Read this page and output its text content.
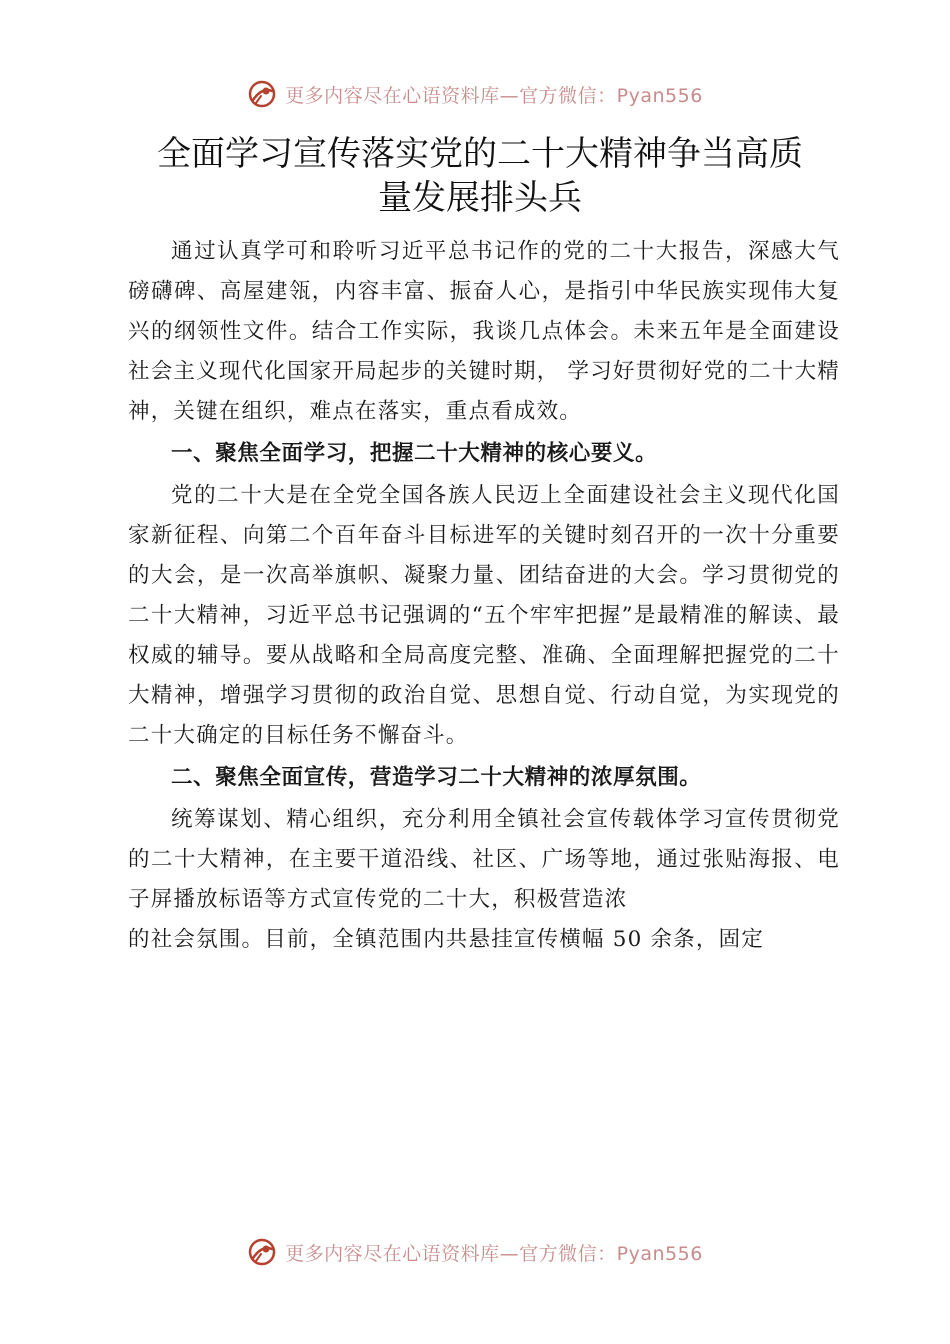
更多内容尽在心语资料库—官方微信：Pyan556
全面学习宣传落实党的二十大精神争当高质
量发展排头兵

通过认真学可和聆听习近平总书记作的党的二十大报告，深感大气磅礴碑、高屋建瓴，内容丰富、振奋人心，是指引中华民族实现伟大复兴的纲领性文件。结合工作实际，我谈几点体会。未来五年是全面建设社会主义现代化国家开局起步的关键时期， 学习好贯彻好党的二十大精神，关键在组织，难点在落实，重点看成效。

一、聚焦全面学习，把握二十大精神的核心要义。

党的二十大是在全党全国各族人民迈上全面建设社会主义现代化国家新征程、向第二个百年奋斗目标进军的关键时刻召开的一次十分重要的大会，是一次高举旗帜、凝聚力量、团结奋进的大会。学习贯彻党的二十大精神，习近平总书记强调的“五个牢牢把握”是最精准的解读、最权威的辅导。要从战略和全局高度完整、准确、全面理解把握党的二十大精神，增强学习贯彻的政治自觉、思想自觉、行动自觉，为实现党的二十大确定的目标任务不懈奋斗。

二、聚焦全面宣传，营造学习二十大精神的浓厚氛围。

统筹谋划、精心组织，充分利用全镇社会宣传载体学习宣传贯彻党的二十大精神，在主要干道沿线、社区、广场等地，通过张贴海报、电子屏播放标语等方式宣传党的二十大，积极营造浓

的社会氛围。目前，全镇范围内共悬挂宣传横幅 50 余条，固定

更多内容尽在心语资料库—官方微信：Pyan556
